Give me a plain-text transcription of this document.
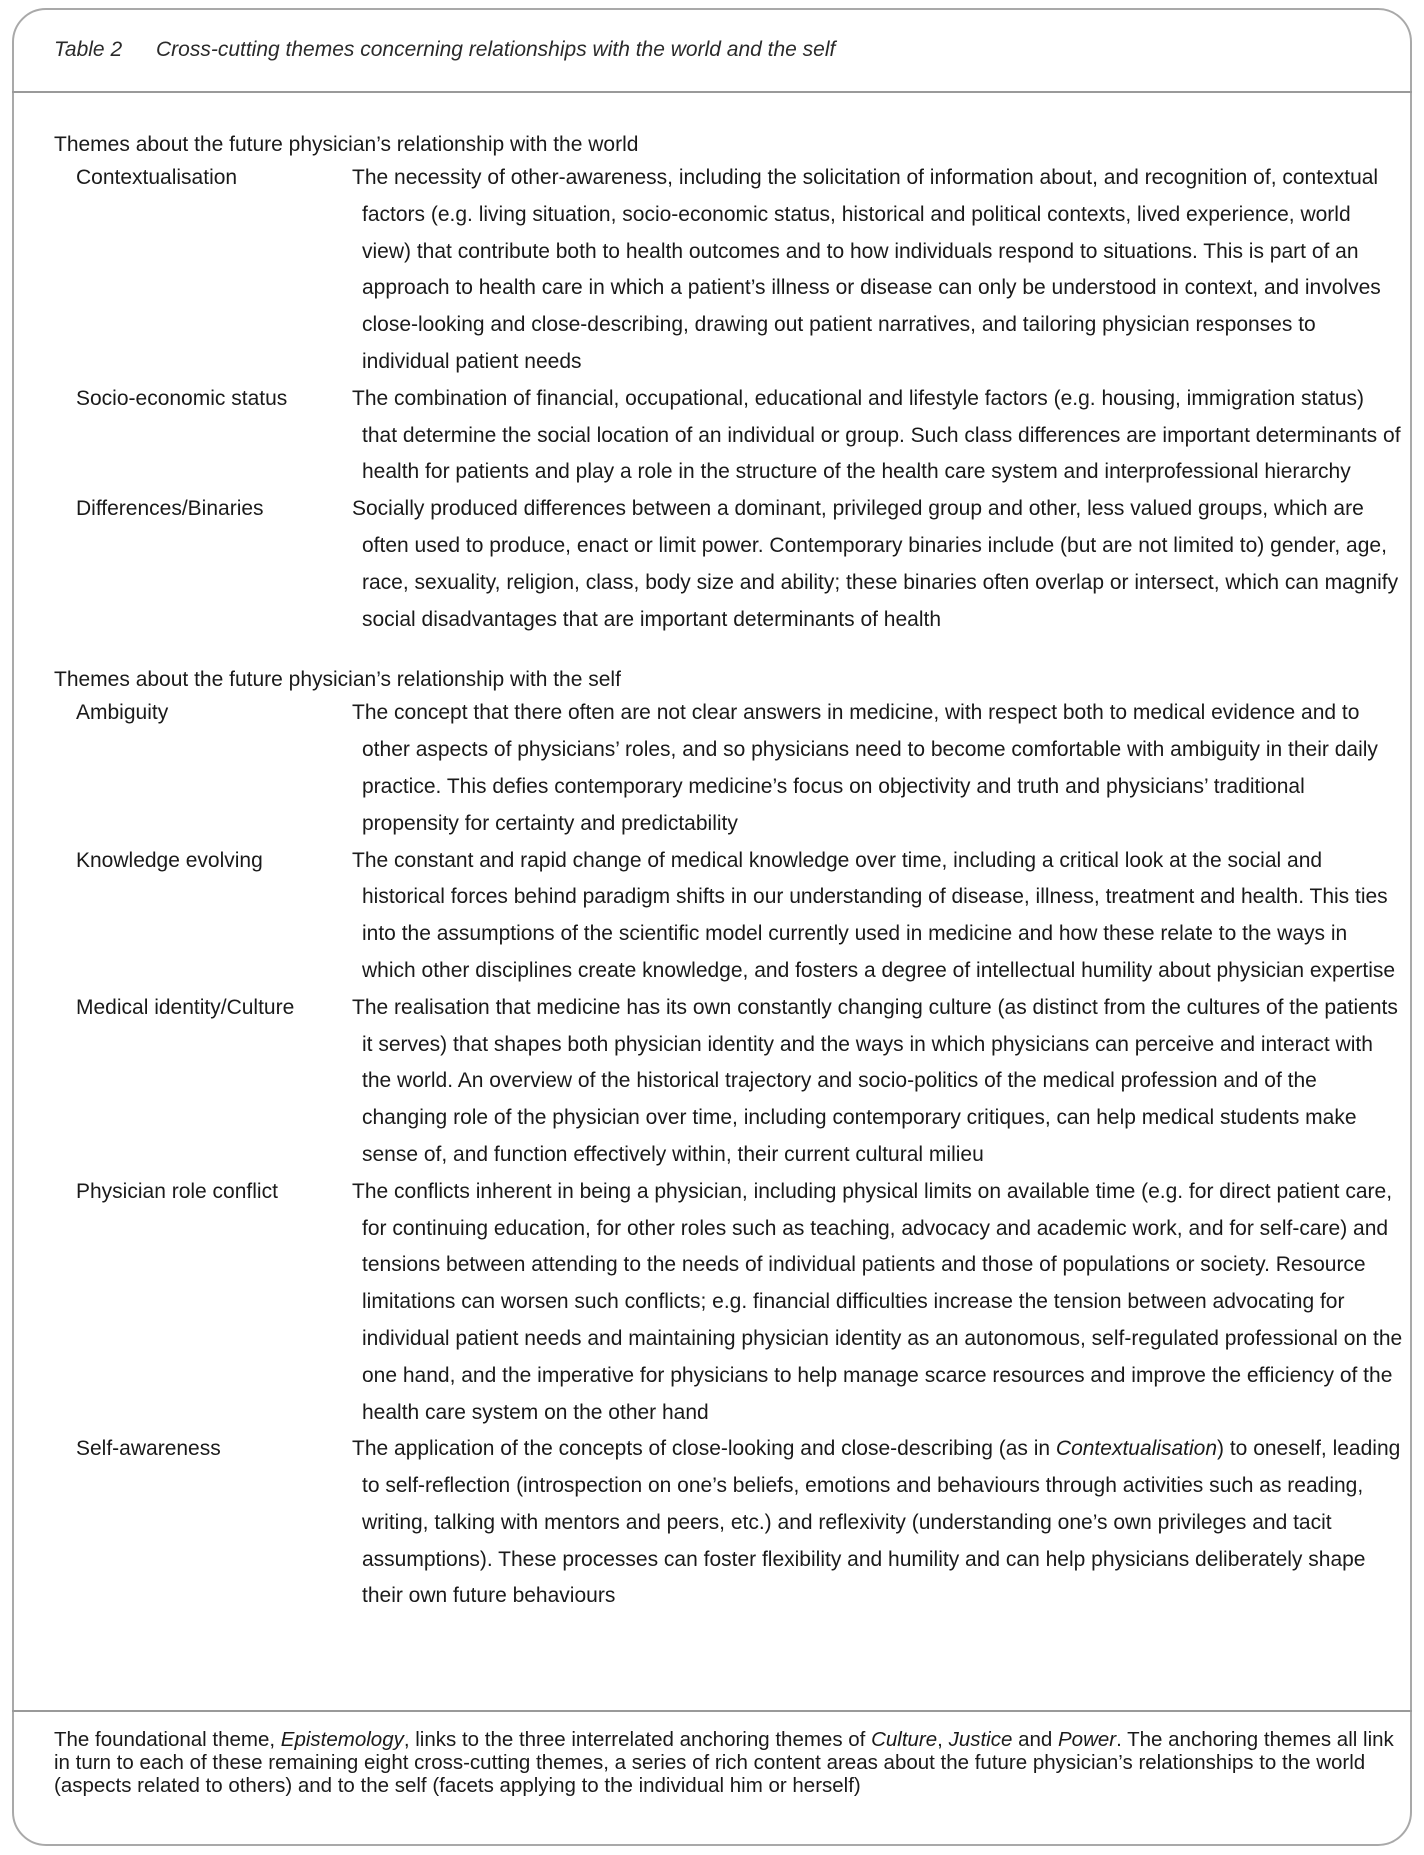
Table 2 Cross-cutting themes concerning relationships with the world and the self
Themes about the future physician’s relationship with the world
Contextualisation	The necessity of other-awareness, including the solicitation of information about, and recognition of, contextual factors (e.g. living situation, socio-economic status, historical and political contexts, lived experience, world view) that contribute both to health outcomes and to how individuals respond to situations. This is part of an approach to health care in which a patient’s illness or disease can only be understood in context, and involves close-looking and close-describing, drawing out patient narratives, and tailoring physician responses to individual patient needs
Socio-economic status	The combination of financial, occupational, educational and lifestyle factors (e.g. housing, immigration status) that determine the social location of an individual or group. Such class differences are important determinants of health for patients and play a role in the structure of the health care system and interprofessional hierarchy
Differences/Binaries	Socially produced differences between a dominant, privileged group and other, less valued groups, which are often used to produce, enact or limit power. Contemporary binaries include (but are not limited to) gender, age, race, sexuality, religion, class, body size and ability; these binaries often overlap or intersect, which can magnify social disadvantages that are important determinants of health
Themes about the future physician’s relationship with the self
Ambiguity	The concept that there often are not clear answers in medicine, with respect both to medical evidence and to other aspects of physicians’ roles, and so physicians need to become comfortable with ambiguity in their daily practice. This defies contemporary medicine’s focus on objectivity and truth and physicians’ traditional propensity for certainty and predictability
Knowledge evolving	The constant and rapid change of medical knowledge over time, including a critical look at the social and historical forces behind paradigm shifts in our understanding of disease, illness, treatment and health. This ties into the assumptions of the scientific model currently used in medicine and how these relate to the ways in which other disciplines create knowledge, and fosters a degree of intellectual humility about physician expertise
Medical identity/Culture	The realisation that medicine has its own constantly changing culture (as distinct from the cultures of the patients it serves) that shapes both physician identity and the ways in which physicians can perceive and interact with the world. An overview of the historical trajectory and socio-politics of the medical profession and of the changing role of the physician over time, including contemporary critiques, can help medical students make sense of, and function effectively within, their current cultural milieu
Physician role conflict	The conflicts inherent in being a physician, including physical limits on available time (e.g. for direct patient care, for continuing education, for other roles such as teaching, advocacy and academic work, and for self-care) and tensions between attending to the needs of individual patients and those of populations or society. Resource limitations can worsen such conflicts; e.g. financial difficulties increase the tension between advocating for individual patient needs and maintaining physician identity as an autonomous, self-regulated professional on the one hand, and the imperative for physicians to help manage scarce resources and improve the efficiency of the health care system on the other hand
Self-awareness	The application of the concepts of close-looking and close-describing (as in Contextualisation) to oneself, leading to self-reflection (introspection on one’s beliefs, emotions and behaviours through activities such as reading, writing, talking with mentors and peers, etc.) and reflexivity (understanding one’s own privileges and tacit assumptions). These processes can foster flexibility and humility and can help physicians deliberately shape their own future behaviours
The foundational theme, Epistemology, links to the three interrelated anchoring themes of Culture, Justice and Power. The anchoring themes all link in turn to each of these remaining eight cross-cutting themes, a series of rich content areas about the future physician’s relationships to the world (aspects related to others) and to the self (facets applying to the individual him or herself)
